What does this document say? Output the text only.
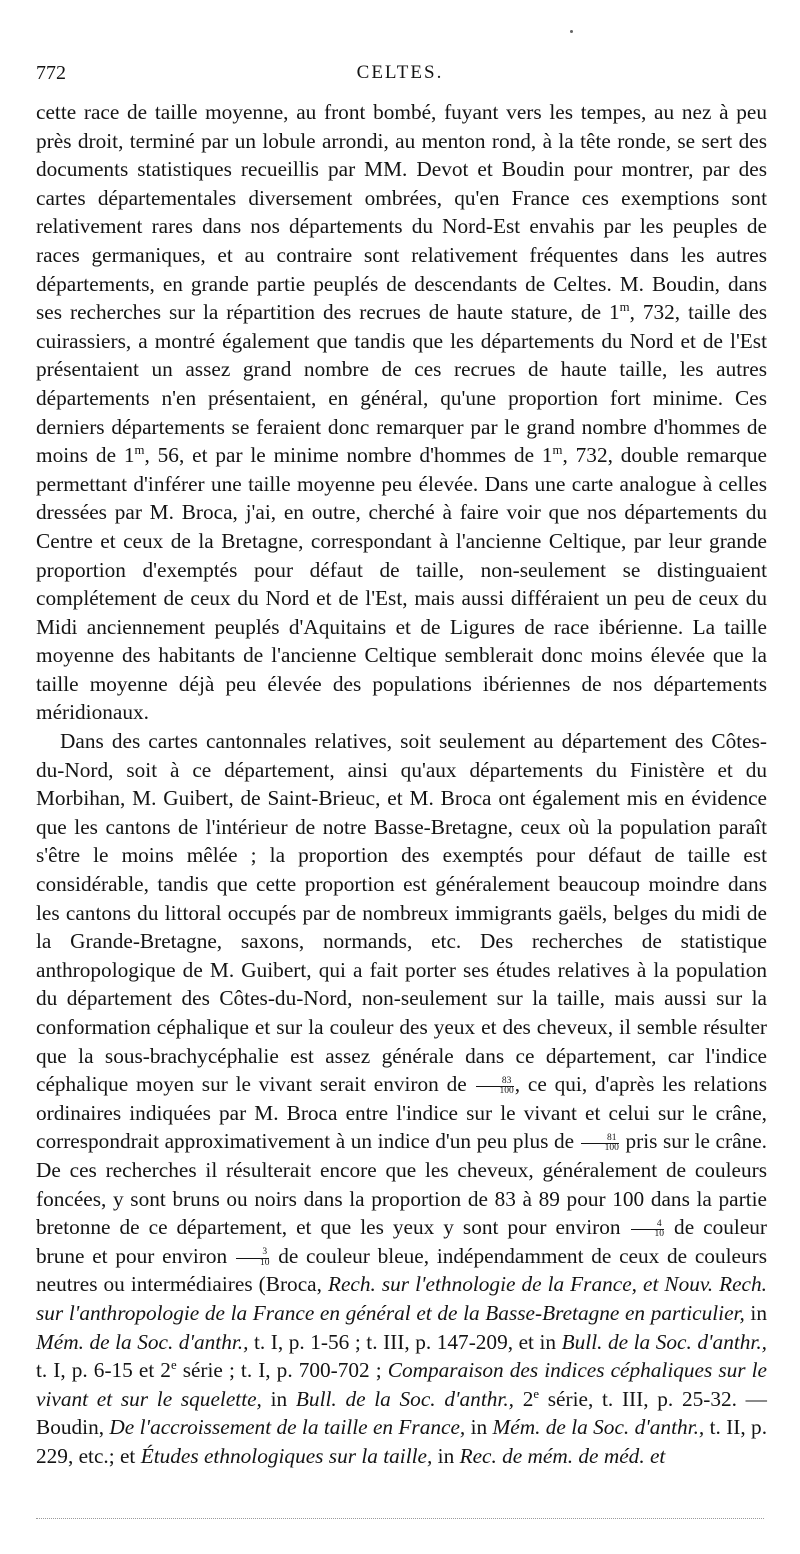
772	CELTES.

cette race de taille moyenne, au front bombé, fuyant vers les tempes, au nez à peu près droit, terminé par un lobule arrondi, au menton rond, à la tête ronde, se sert des documents statistiques recueillis par MM. Devot et Boudin pour montrer, par des cartes départementales diversement ombrées, qu'en France ces exemptions sont relativement rares dans nos départements du Nord-Est envahis par les peuples de races germaniques, et au contraire sont relativement fréquentes dans les autres départements, en grande partie peuplés de descendants de Celtes. M. Boudin, dans ses recherches sur la répartition des recrues de haute stature, de 1$^m$, 732, taille des cuirassiers, a montré également que tandis que les départements du Nord et de l'Est présentaient un assez grand nombre de ces recrues de haute taille, les autres départements n'en présentaient, en général, qu'une proportion fort minime. Ces derniers départements se feraient donc remarquer par le grand nombre d'hommes de moins de 1$^m$, 56, et par le minime nombre d'hommes de 1$^m$, 732, double remarque permettant d'inférer une taille moyenne peu élevée. Dans une carte analogue à celles dressées par M. Broca, j'ai, en outre, cherché à faire voir que nos départements du Centre et ceux de la Bretagne, correspondant à l'ancienne Celtique, par leur grande proportion d'exemptés pour défaut de taille, non-seulement se distinguaient complétement de ceux du Nord et de l'Est, mais aussi différaient un peu de ceux du Midi anciennement peuplés d'Aquitains et de Ligures de race ibérienne. La taille moyenne des habitants de l'ancienne Celtique semblerait donc moins élevée que la taille moyenne déjà peu élevée des populations ibériennes de nos départements méridionaux.

Dans des cartes cantonnales relatives, soit seulement au département des Côtes-du-Nord, soit à ce département, ainsi qu'aux départements du Finistère et du Morbihan, M. Guibert, de Saint-Brieuc, et M. Broca ont également mis en évidence que les cantons de l'intérieur de notre Basse-Bretagne, ceux où la population paraît s'être le moins mêlée ; la proportion des exemptés pour défaut de taille est considérable, tandis que cette proportion est généralement beaucoup moindre dans les cantons du littoral occupés par de nombreux immigrants gaëls, belges du midi de la Grande-Bretagne, saxons, normands, etc. Des recherches de statistique anthropologique de M. Guibert, qui a fait porter ses études relatives à la population du département des Côtes-du-Nord, non-seulement sur la taille, mais aussi sur la conformation céphalique et sur la couleur des yeux et des cheveux, il semble résulter que la sous-brachycéphalie est assez générale dans ce département, car l'indice céphalique moyen sur le vivant serait environ de $\frac{83}{100}$ , ce qui, d'après les relations ordinaires indiquées par M. Broca entre l'indice sur le vivant et celui sur le crâne, correspondrait approximativement à un indice d'un peu plus de $\frac{81}{100}$ pris sur le crâne. De ces recherches il résulterait encore que les cheveux, généralement de couleurs foncées, y sont bruns ou noirs dans la proportion de 83 à 89 pour 100 dans la partie bretonne de ce département, et que les yeux y sont pour environ $\frac{4}{10}$ de couleur brune et pour environ $\frac{3}{10}$ de couleur bleue, indépendamment de ceux de couleurs neutres ou intermédiaires (Broca, Rech. sur l'ethnologie de la France, et Nouv. Rech. sur l'anthropologie de la France en général et de la Basse-Bretagne en particulier, in Mém. de la Soc. d'anthr., t. I, p. 1-56 ; t. III, p. 147-209, et in Bull. de la Soc. d'anthr., t. I, p. 6-15 et 2e série ; t. I, p. 700-702 ; Comparaison des indices céphaliques sur le vivant et sur le squelette, in Bull. de la Soc. d'anthr., 2e série, t. III, p. 25-32. — Boudin, De l'accroissement de la taille en France, in Mém. de la Soc. d'anthr., t. II, p. 229, etc.; et Études ethnologiques sur la taille, in Rec. de mém. de méd. et
